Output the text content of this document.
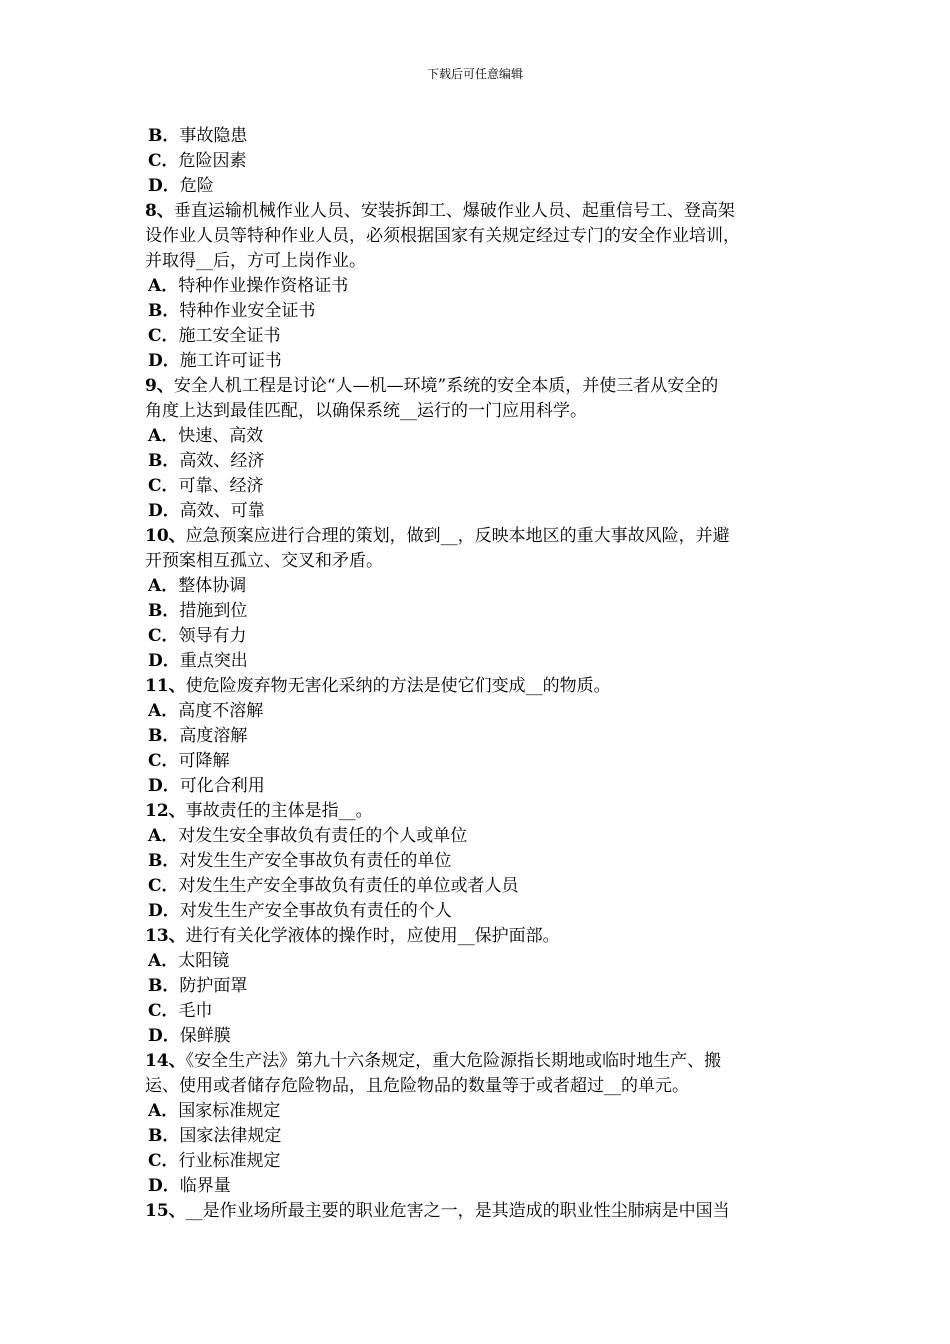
下载后可任意编辑
B．事故隐患
C．危险因素
D．危险
8、垂直运输机械作业人员、安装拆卸工、爆破作业人员、起重信号工、登高架
设作业人员等特种作业人员，必须根据国家有关规定经过专门的安全作业培训，
并取得__后，方可上岗作业。
A．特种作业操作资格证书
B．特种作业安全证书
C．施工安全证书
D．施工许可证书
9、安全人机工程是讨论“人—机—环境”系统的安全本质，并使三者从安全的
角度上达到最佳匹配，以确保系统__运行的一门应用科学。
A．快速、高效
B．高效、经济
C．可靠、经济
D．高效、可靠
10、应急预案应进行合理的策划，做到__，反映本地区的重大事故风险，并避
开预案相互孤立、交叉和矛盾。
A．整体协调
B．措施到位
C．领导有力
D．重点突出
11、使危险废弃物无害化采纳的方法是使它们变成__的物质。
A．高度不溶解
B．高度溶解
C．可降解
D．可化合利用
12、事故责任的主体是指__。
A．对发生安全事故负有责任的个人或单位
B．对发生生产安全事故负有责任的单位
C．对发生生产安全事故负有责任的单位或者人员
D．对发生生产安全事故负有责任的个人
13、进行有关化学液体的操作时，应使用__保护面部。
A．太阳镜
B．防护面罩
C．毛巾
D．保鲜膜
14、《安全生产法》第九十六条规定，重大危险源指长期地或临时地生产、搬
运、使用或者储存危险物品，且危险物品的数量等于或者超过__的单元。
A．国家标准规定
B．国家法律规定
C．行业标准规定
D．临界量
15、__是作业场所最主要的职业危害之一，是其造成的职业性尘肺病是中国当
